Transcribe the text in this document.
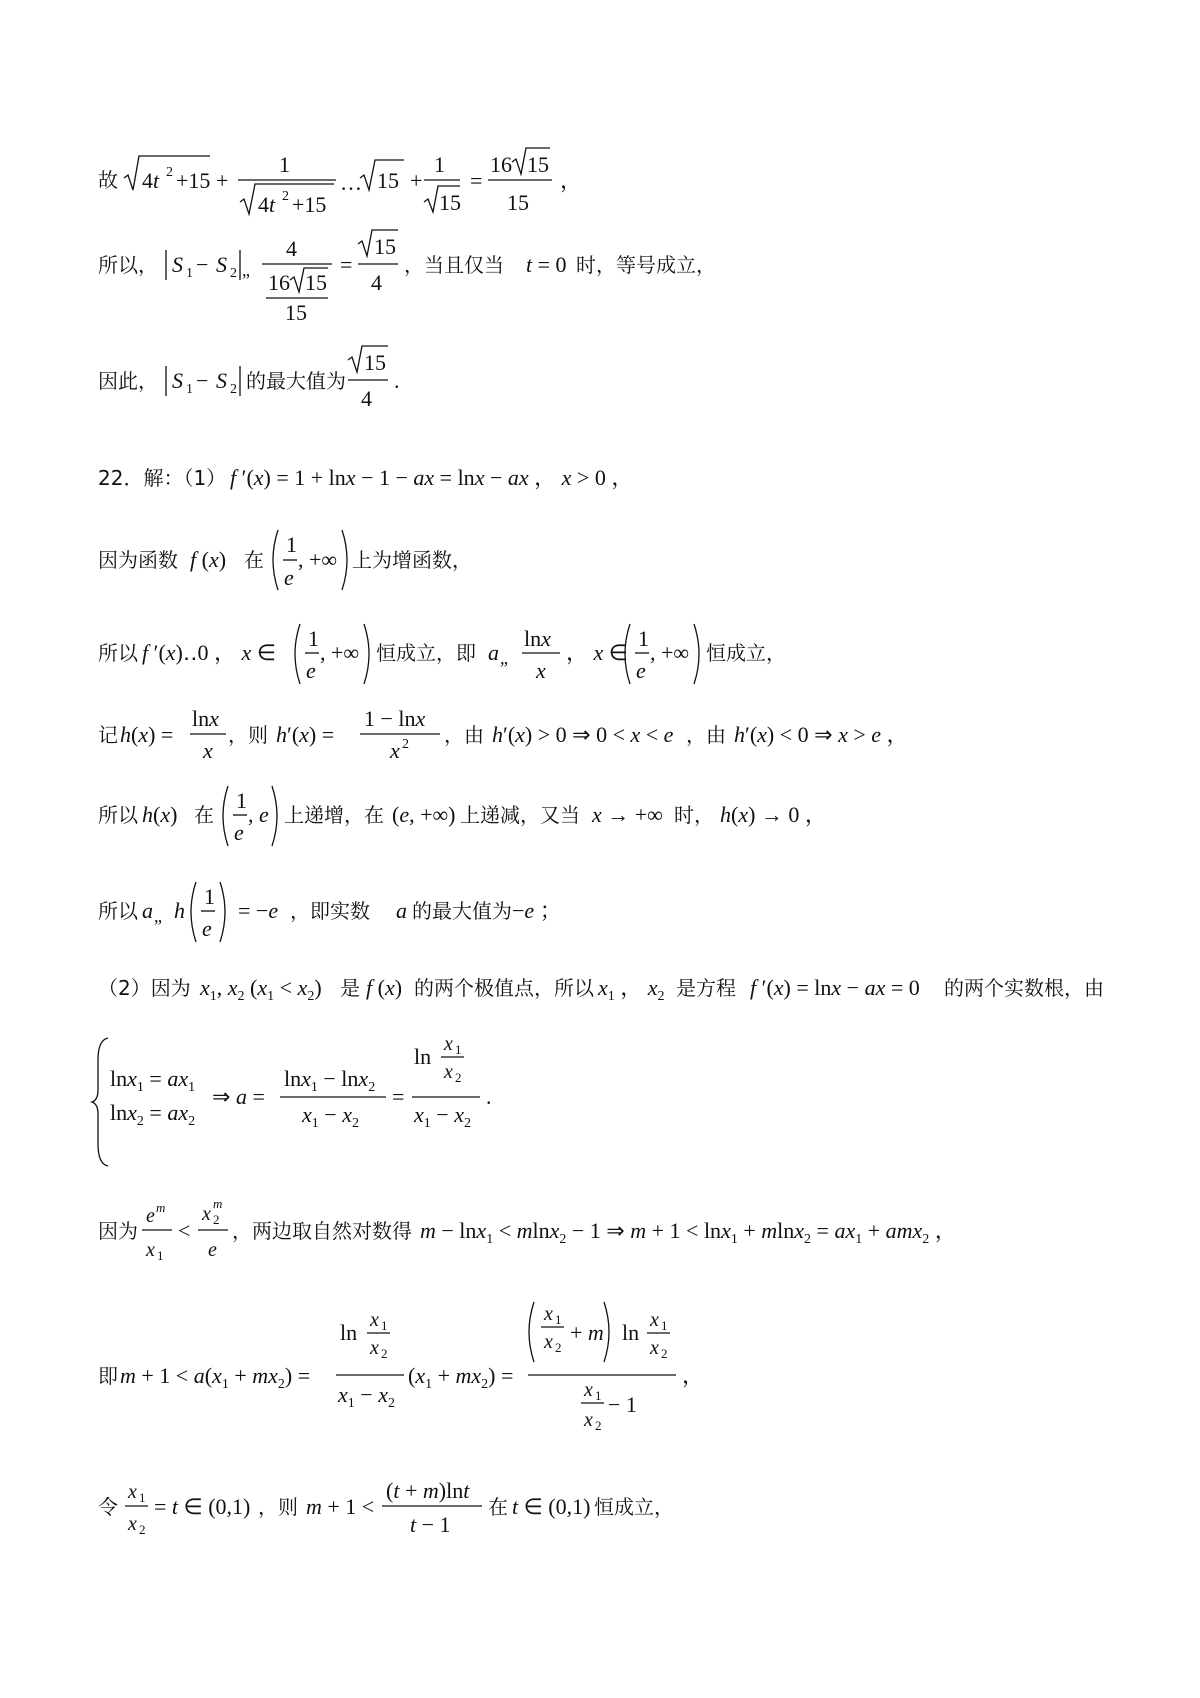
故 4t 2 +15 +
1
4t 2 +15
… 15 +
1
15
=
16 15
15
，
所以， S 1 − S 2 „
4
16 15
15
=
15
4
，当且仅当 t = 0 时，等号成立，
因此， S 1 − S 2 的最大值为
15
4
.
22．解：（1） f ′(x) = 1 + lnx − 1 − ax = lnx − ax ， x > 0 ，
因为函数 f (x) 在
1
e
, +∞ 上为增函数，
所以 f ′(x)‥0 ， x ∈
1
e
, +∞ 恒成立，即 a „
lnx
x
， x ∈
1
e
, +∞ 恒成立，
记 h(x) =
lnx
x
，则 h′(x) =
1 − lnx
x 2 ，由 h′(x) > 0 ⇒ 0 < x < e ，由 h′(x) < 0 ⇒ x > e ，
所以 h(x) 在
1
e
, e 上递增，在 (e, +∞) 上递减，又当 x → +∞ 时， h(x) → 0 ，
所以 a „ h
1
e
= −e ，即实数 a 的最大值为 −e ；
（2）因为 $x_1$, $x_2$ $(x_1 < x_2)$ 是 f (x) 的两个极值点，所以 $x_1$ ， $x_2$ 是方程 f ′(x) = lnx − ax = 0 的两个实数根，由
$\ln x_1 = ax_1$
$\ln x_2 = ax_2$
⇒ a =
lnx$_1$ − lnx$_2$
$x_1 - x_2$
=
ln x 1
x 2
$x_1 - x_2$
.
因为
e m
x 1
<
x 2
m
e
，两边取自然对数得 m − lnx$_1$ < mlnx$_2$ − 1 ⇒ $m + 1 < \ln x_1 + mlnx_2 = ax_1 + amx_2$ ，
即 $m + 1 < a(x_1 + mx_2)$ =
ln x 1
x 2
$x_1 - x_2$
$(x_1 + mx_2)$ =
x 1
x 2
+ m ln x 1
x 2
x 1
x 2
− 1
，
令
x 1
x 2
= t ∈ (0,1) ，则 m + 1 <
(t + m)lnt
t − 1
在 t ∈ (0,1) 恒成立，
